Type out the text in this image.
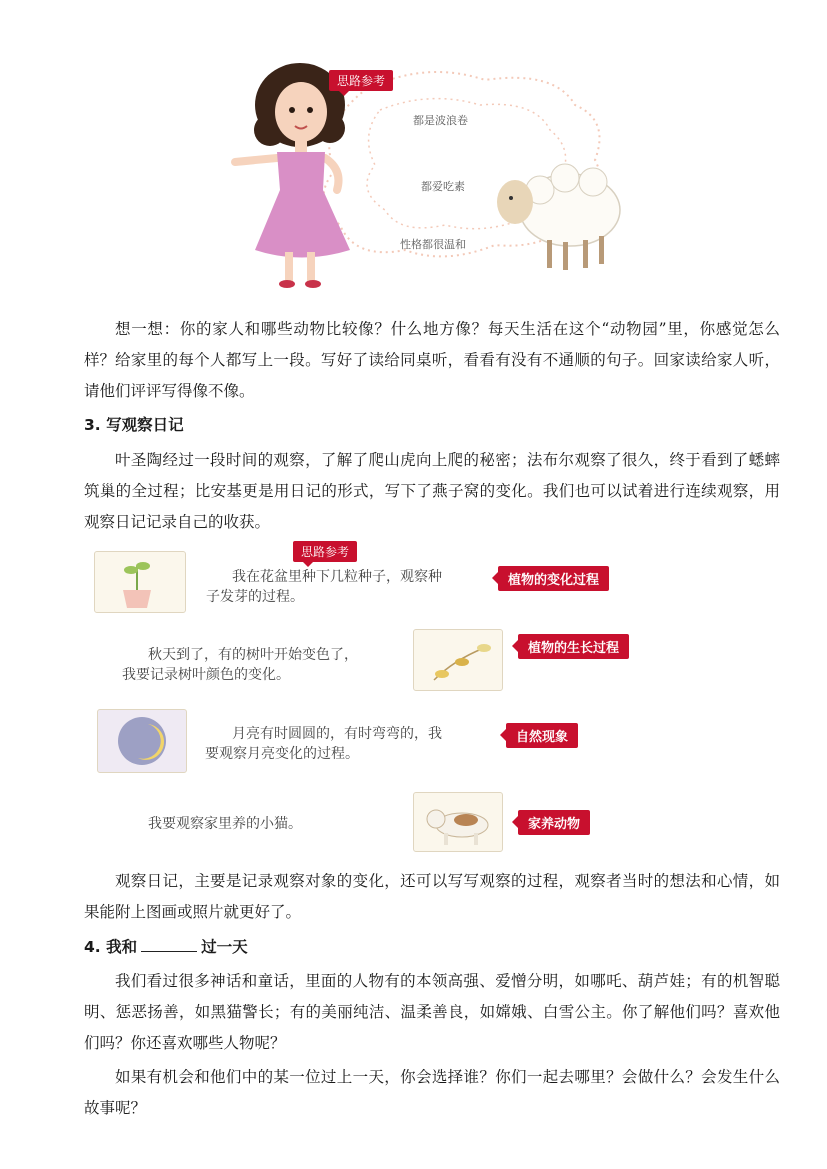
思路参考
都是波浪卷
都爱吃素
性格都很温和

想一想：你的家人和哪些动物比较像？什么地方像？每天生活在这个“动物园”里，你感觉怎么样？ 给家里的每个人都写上一段。写好了读给同桌听，看看有没有不通顺的句子。回家读给家人听，请他们评评写得像不像。

3. 写观察日记

叶圣陶经过一段时间的观察，了解了爬山虎向上爬的秘密；法布尔观察了很久，终于看到了蟋蟀筑巢的全过程；比安基更是用日记的形式，写下了燕子窝的变化。我们也可以试着进行连续观察，用观察日记记录自己的收获。

思路参考
我在花盆里种下几粒种子，观察种
子发芽的过程。
植物的变化过程
秋天到了，有的树叶开始变色了，
我要记录树叶颜色的变化。
植物的生长过程
月亮有时圆圆的，有时弯弯的，我
要观察月亮变化的过程。
自然现象
我要观察家里养的小猫。	家养动物

观察日记，主要是记录观察对象的变化，还可以写写观察的过程，观察者当时的想法和心情，如果能附上图画或照片就更好了。

4. 我和	过一天

我们看过很多神话和童话，里面的人物有的本领高强、爱憎分明，如哪吒、葫芦娃；有的机智聪明、惩恶扬善，如黑猫警长；有的美丽纯洁、温柔善良，如嫦娥、白雪公主。你了解他们吗？喜欢他们吗？你还喜欢哪些人物呢？

如果有机会和他们中的某一位过上一天，你会选择谁？你们一起去哪里？会做什么？会发生什么故事呢？
